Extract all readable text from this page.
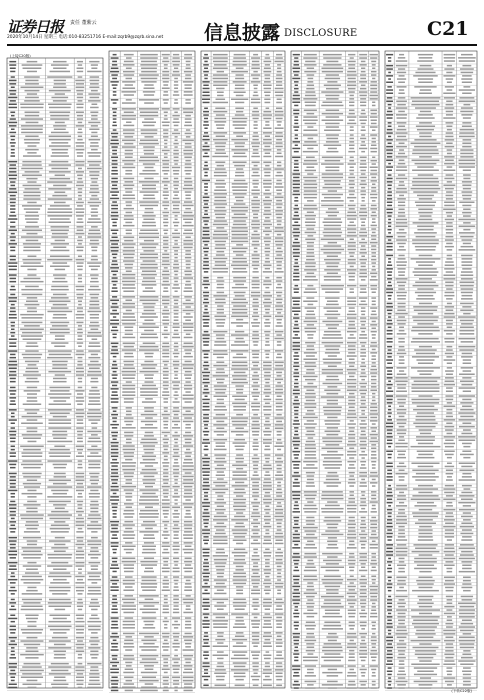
证券日报 责任 董紫云
2020年10月14日 星期三 电话:010-83251716 E-mail:zqrb9@zqrb.sina.net 信息披露 DISCLOSURE	C21
(上接C20版)
(下转C22版)
